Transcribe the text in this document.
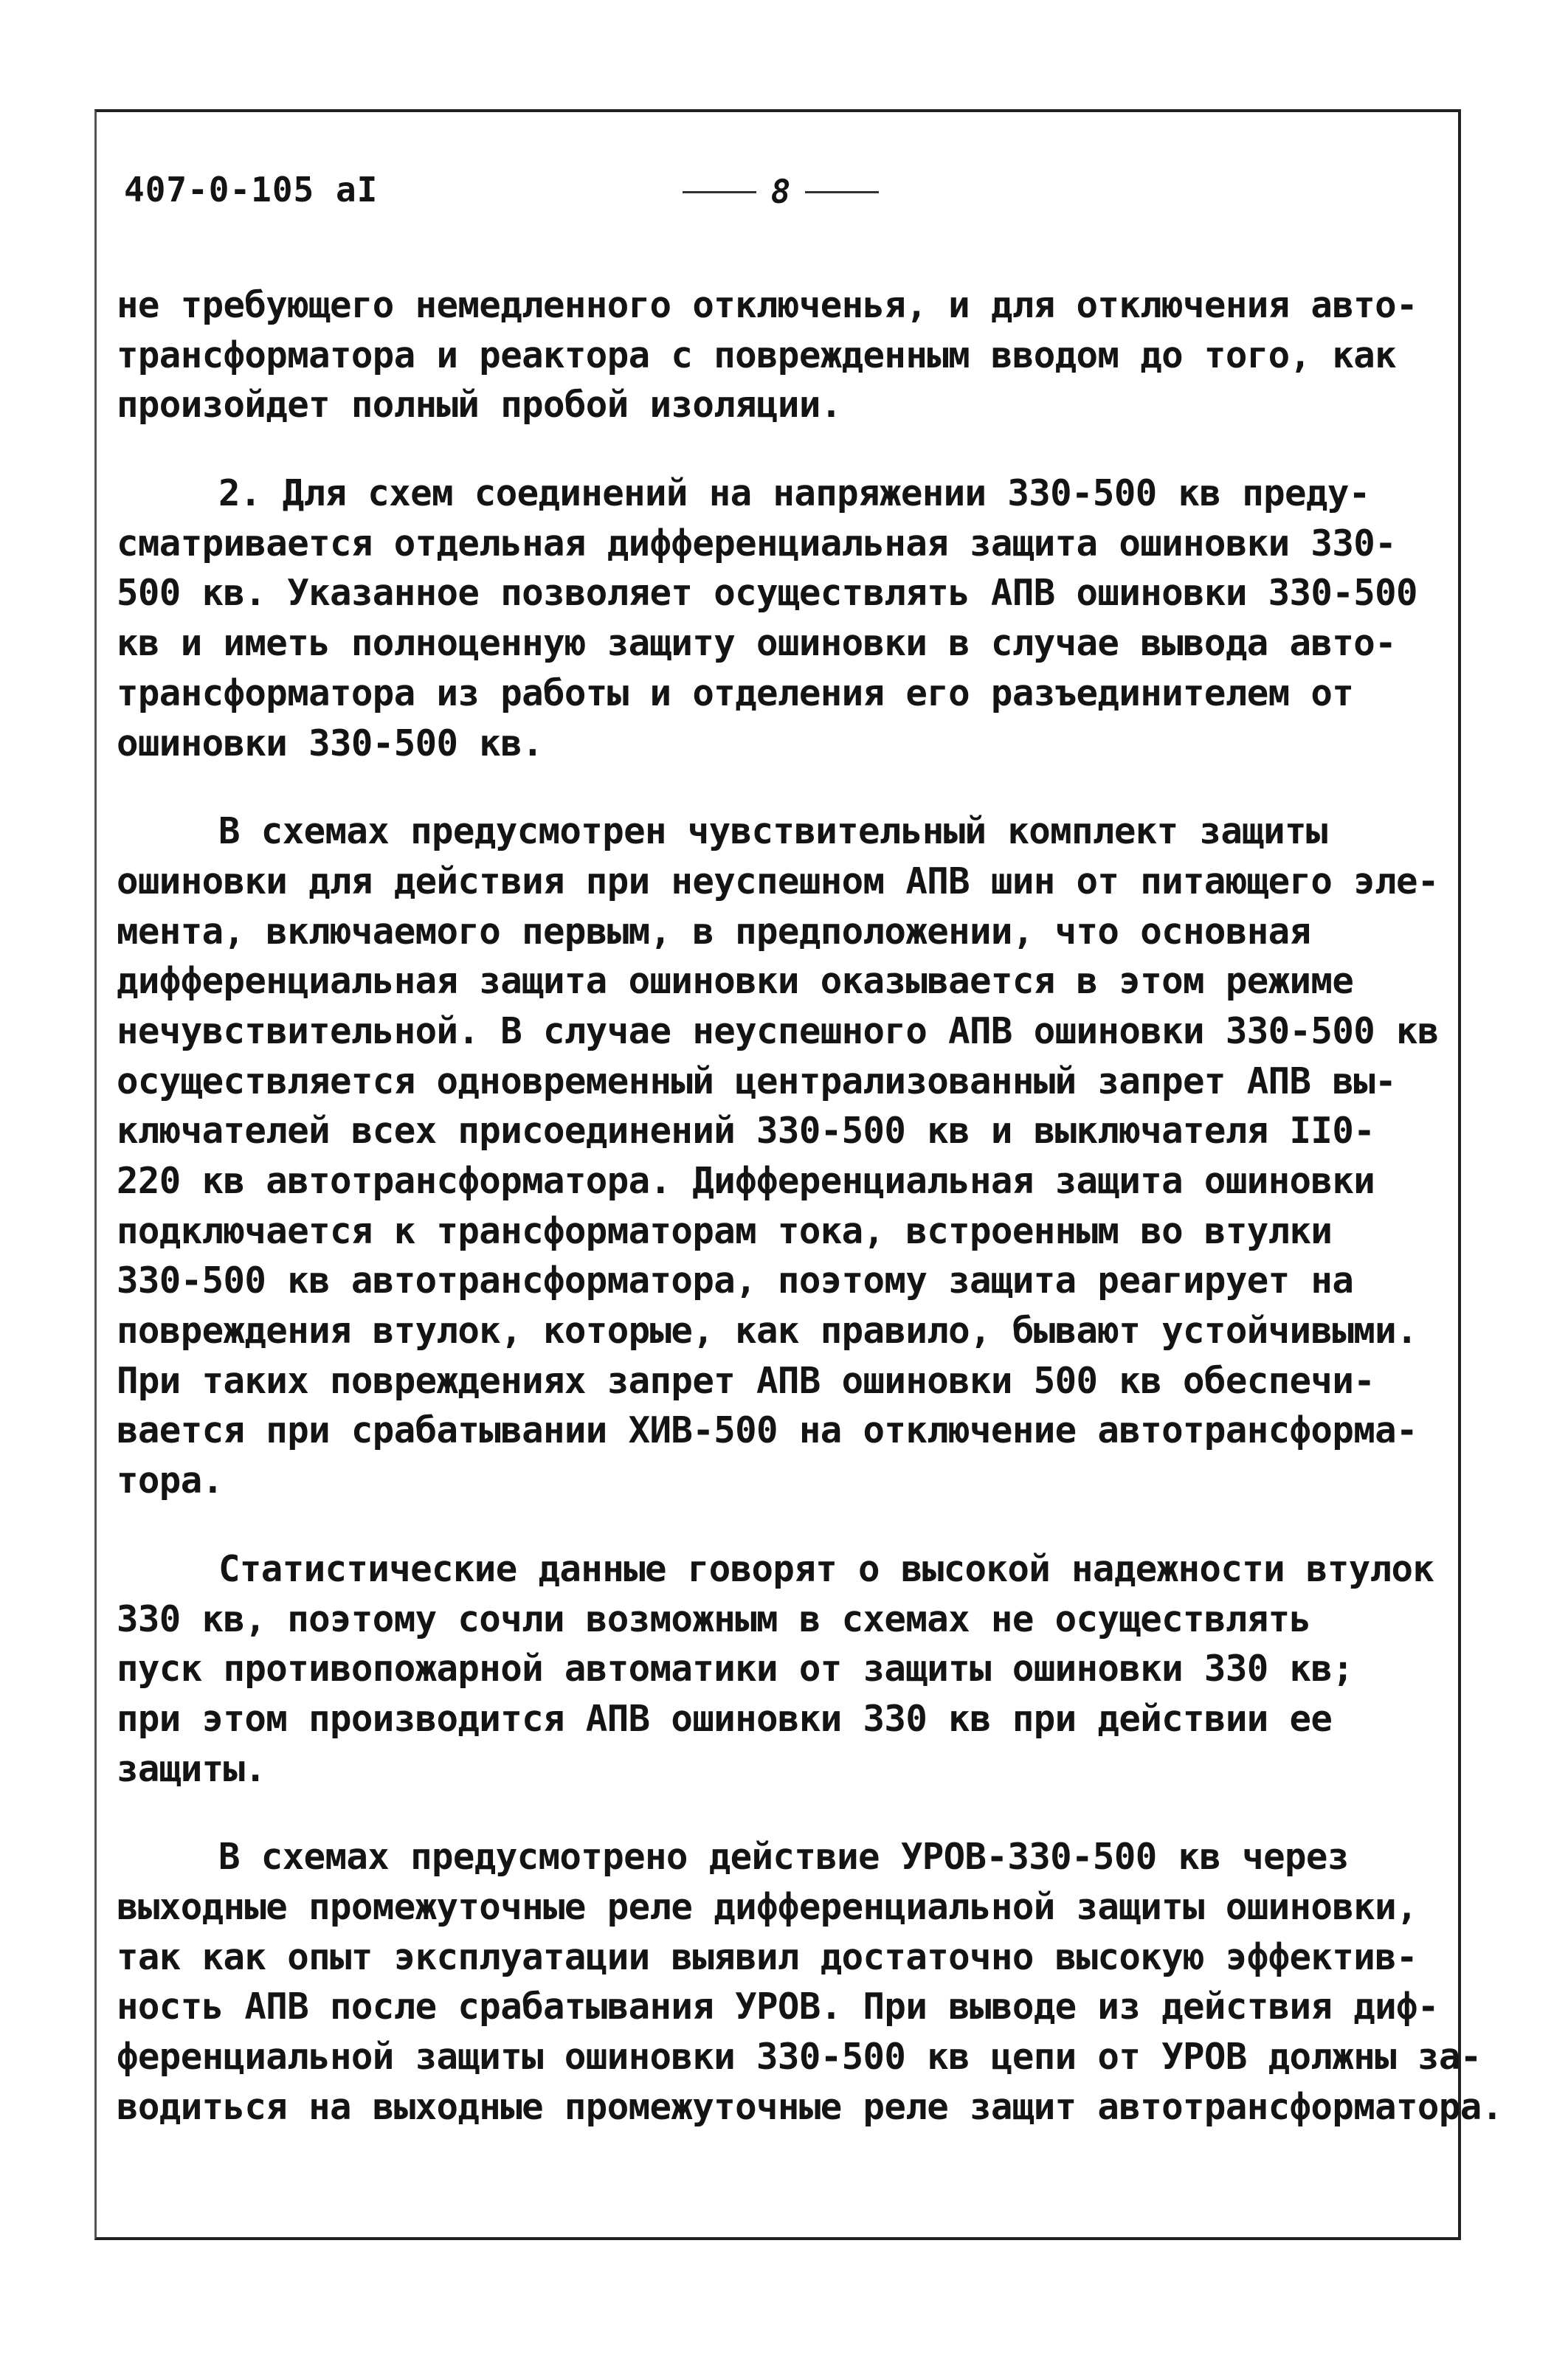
407-0-105 aI	8
не требующего немедленного отключенья, и для отключения авто-
трансформатора и реактора с поврежденным вводом до того, как
произойдет полный пробой изоляции.
2. Для схем соединений на напряжении 330-500 кв преду-
сматривается отдельная дифференциальная защита ошиновки 330-
500 кв. Указанное позволяет осуществлять АПВ ошиновки 330-500
кв и иметь полноценную защиту ошиновки в случае вывода авто-
трансформатора из работы и отделения его разъединителем от
ошиновки 330-500 кв.
В схемах предусмотрен чувствительный комплект защиты
ошиновки для действия при неуспешном АПВ шин от питающего эле-
мента, включаемого первым, в предположении, что основная
дифференциальная защита ошиновки оказывается в этом режиме
нечувствительной. В случае неуспешного АПВ ошиновки 330-500 кв
осуществляется одновременный централизованный запрет АПВ вы-
ключателей всех присоединений 330-500 кв и выключателя II0-
220 кв автотрансформатора. Дифференциальная защита ошиновки
подключается к трансформаторам тока, встроенным во втулки
330-500 кв автотрансформатора, поэтому защита реагирует на
повреждения втулок, которые, как правило, бывают устойчивыми.
При таких повреждениях запрет АПВ ошиновки 500 кв обеспечи-
вается при срабатывании ХИВ-500 на отключение автотрансформа-
тора.
Статистические данные говорят о высокой надежности втулок
330 кв, поэтому сочли возможным в схемах не осуществлять
пуск противопожарной автоматики от защиты ошиновки 330 кв;
при этом производится АПВ ошиновки 330 кв при действии ее
защиты.
В схемах предусмотрено действие УРОВ-330-500 кв через
выходные промежуточные реле дифференциальной защиты ошиновки,
так как опыт эксплуатации выявил достаточно высокую эффектив-
ность АПВ после срабатывания УРОВ. При выводе из действия диф-
ференциальной защиты ошиновки 330-500 кв цепи от УРОВ должны за-
водиться на выходные промежуточные реле защит автотрансформатора.
